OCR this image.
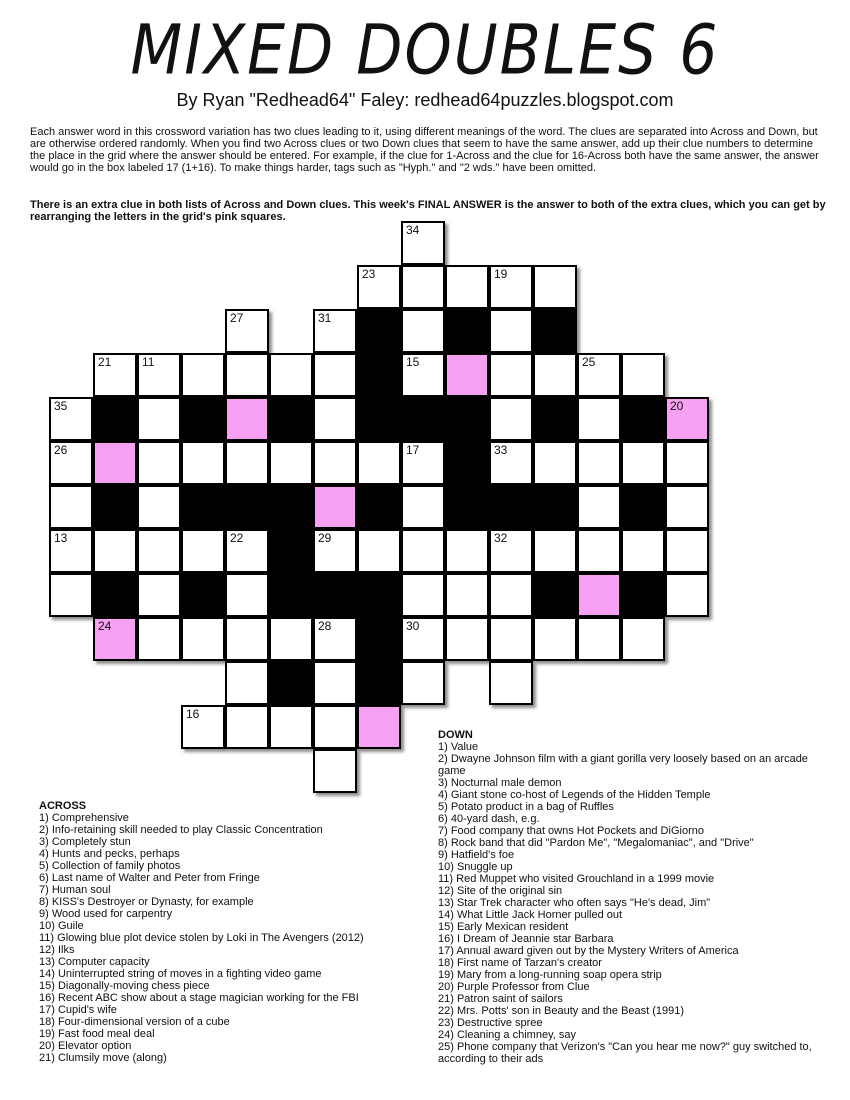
MIXED DOUBLES 6
By Ryan "Redhead64" Faley: redhead64puzzles.blogspot.com
Each answer word in this crossword variation has two clues leading to it, using different meanings of the word. The clues are separated into Across and Down, but are otherwise ordered randomly. When you find two Across clues or two Down clues that seem to have the same answer, add up their clue numbers to determine the place in the grid where the answer should be entered. For example, if the clue for 1-Across and the clue for 16-Across both have the same answer, the answer would go in the box labeled 17 (1+16). To make things harder, tags such as "Hyph." and "2 wds." have been omitted.
There is an extra clue in both lists of Across and Down clues. This week's FINAL ANSWER is the answer to both of the extra clues, which you can get by rearranging the letters in the grid's pink squares.
34
23	19
27	31
21	11	15	25
35	20
26	17	33
13	22	29	32
24	28	30
16
ACROSS
1) Comprehensive
2) Info-retaining skill needed to play Classic Concentration
3) Completely stun
4) Hunts and pecks, perhaps
5) Collection of family photos
6) Last name of Walter and Peter from Fringe
7) Human soul
8) KISS's Destroyer or Dynasty, for example
9) Wood used for carpentry
10) Guile
11) Glowing blue plot device stolen by Loki in The Avengers (2012)
12) Ilks
13) Computer capacity
14) Uninterrupted string of moves in a fighting video game
15) Diagonally-moving chess piece
16) Recent ABC show about a stage magician working for the FBI
17) Cupid's wife
18) Four-dimensional version of a cube
19) Fast food meal deal
20) Elevator option
21) Clumsily move (along)
DOWN
1) Value
2) Dwayne Johnson film with a giant gorilla very loosely based on an arcade game
3) Nocturnal male demon
4) Giant stone co-host of Legends of the Hidden Temple
5) Potato product in a bag of Ruffles
6) 40-yard dash, e.g.
7) Food company that owns Hot Pockets and DiGiorno
8) Rock band that did "Pardon Me", "Megalomaniac", and "Drive"
9) Hatfield's foe
10) Snuggle up
11) Red Muppet who visited Grouchland in a 1999 movie
12) Site of the original sin
13) Star Trek character who often says "He's dead, Jim"
14) What Little Jack Horner pulled out
15) Early Mexican resident
16) I Dream of Jeannie star Barbara
17) Annual award given out by the Mystery Writers of America
18) First name of Tarzan's creator
19) Mary from a long-running soap opera strip
20) Purple Professor from Clue
21) Patron saint of sailors
22) Mrs. Potts' son in Beauty and the Beast (1991)
23) Destructive spree
24) Cleaning a chimney, say
25) Phone company that Verizon's "Can you hear me now?" guy switched to, according to their ads
